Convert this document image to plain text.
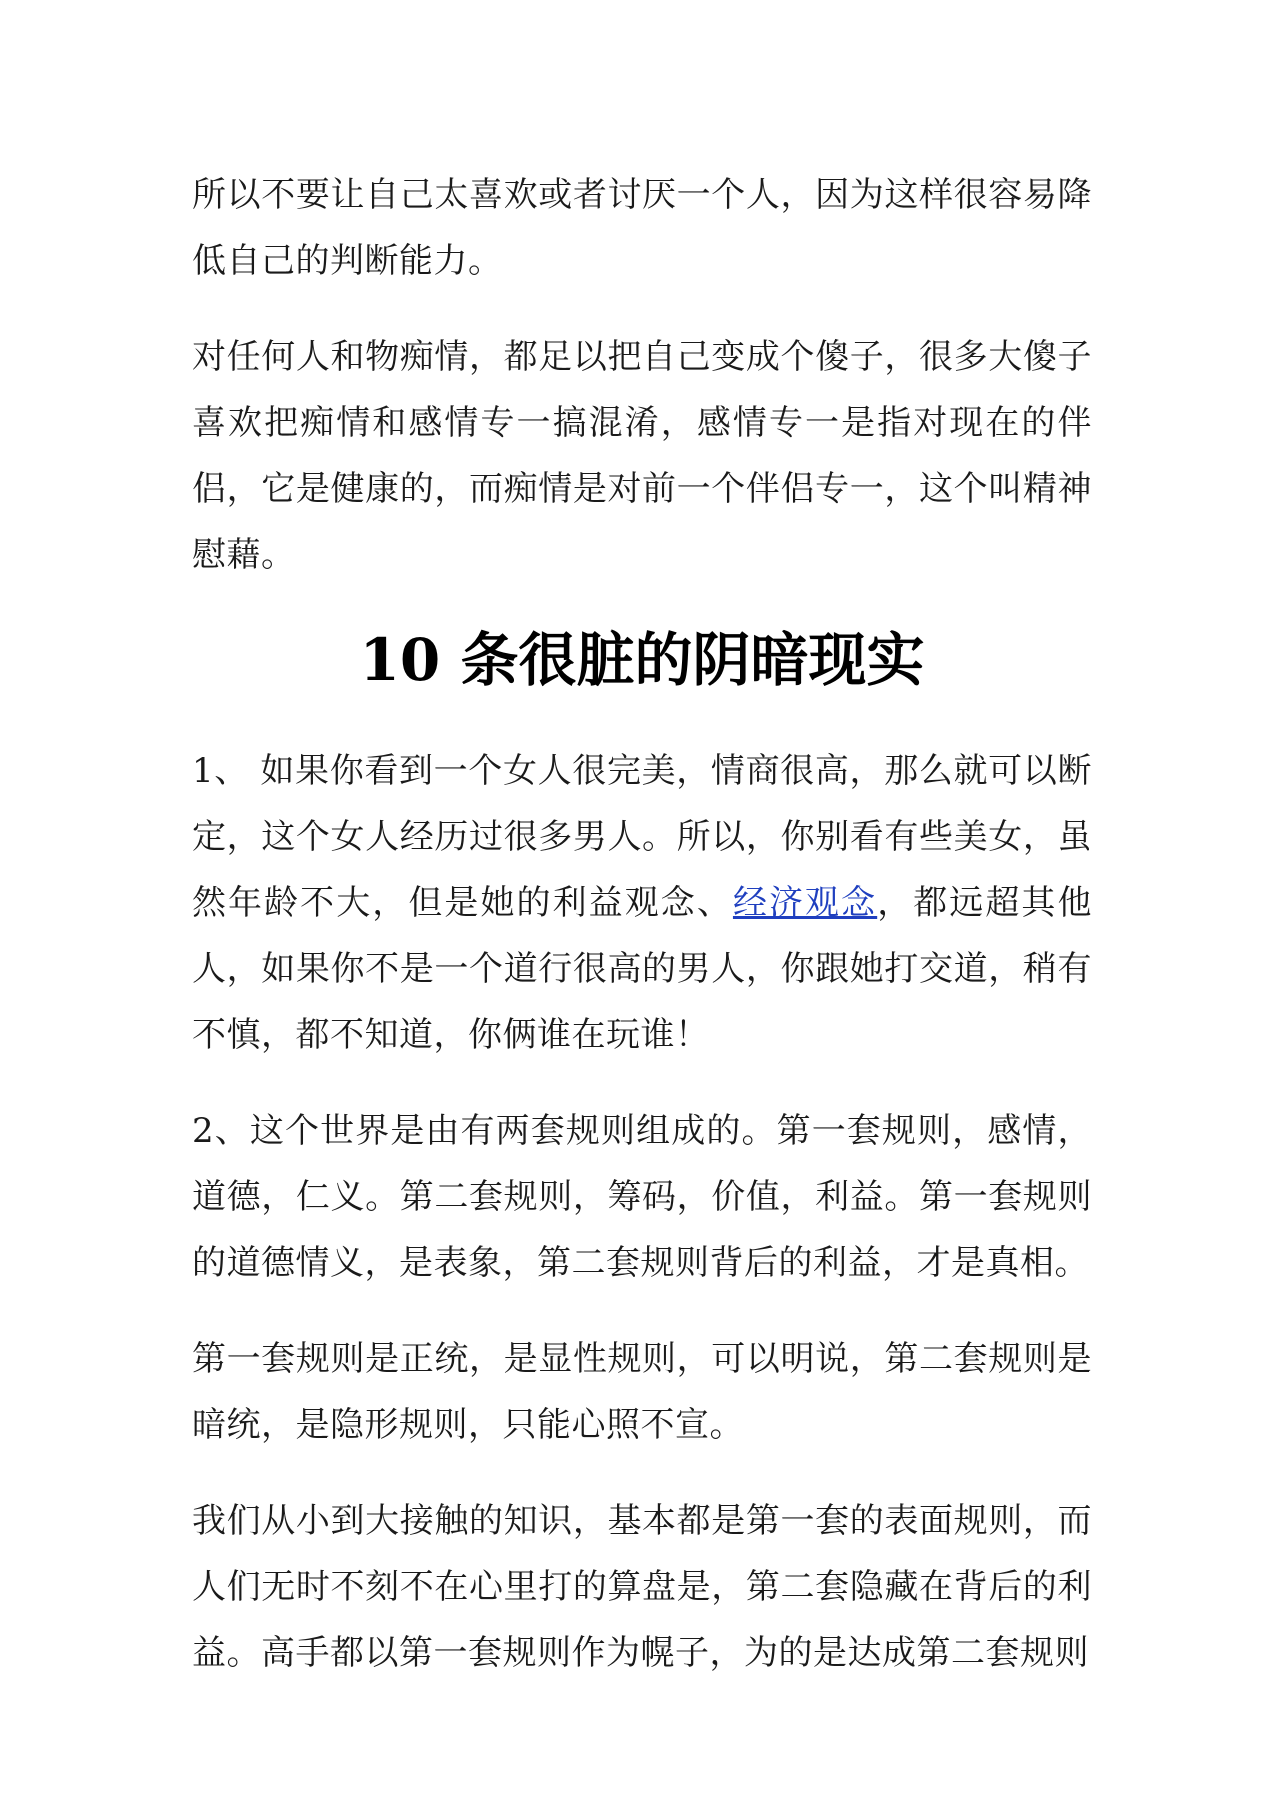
所以不要让自己太喜欢或者讨厌一个人，因为这样很容易降低自己的判断能力。

对任何人和物痴情，都足以把自己变成个傻子，很多大傻子喜欢把痴情和感情专一搞混淆，感情专一是指对现在的伴侣，它是健康的，而痴情是对前一个伴侣专一，这个叫精神慰藉。

10 条很脏的阴暗现实

1、 如果你看到一个女人很完美，情商很高，那么就可以断定，这个女人经历过很多男人。所以，你别看有些美女，虽然年龄不大，但是她的利益观念、经济观念，都远超其他人，如果你不是一个道行很高的男人，你跟她打交道，稍有不慎，都不知道，你俩谁在玩谁！

2、这个世界是由有两套规则组成的。第一套规则，感情，道德，仁义。第二套规则，筹码，价值，利益。第一套规则的道德情义，是表象，第二套规则背后的利益，才是真相。

第一套规则是正统，是显性规则，可以明说，第二套规则是暗统，是隐形规则，只能心照不宣。

我们从小到大接触的知识，基本都是第一套的表面规则，而人们无时不刻不在心里打的算盘是，第二套隐藏在背后的利益。高手都以第一套规则作为幌子，为的是达成第二套规则
